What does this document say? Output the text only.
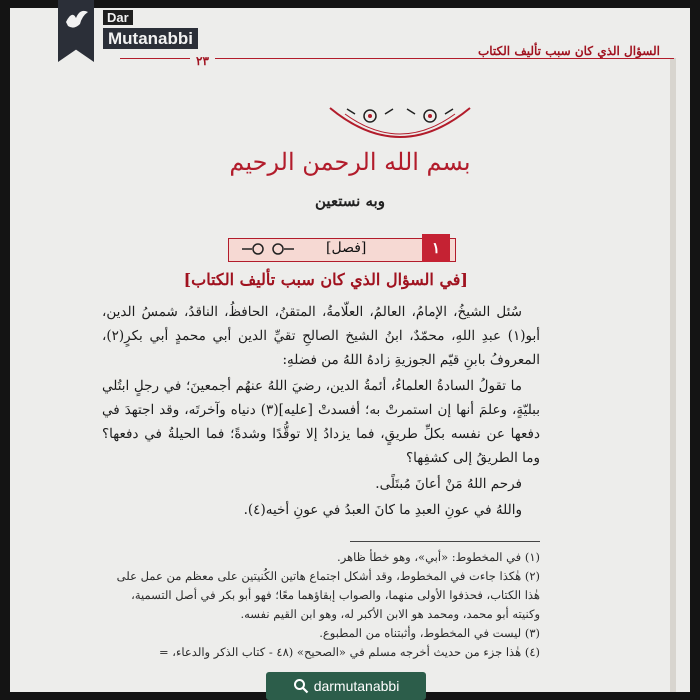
السؤال الذي كان سبب تأليف الكتاب
٢٣
بسم الله الرحمن الرحيم
وبه نستعين
[فصل]	١
[في السؤال الذي كان سبب تأليف الكتاب]

سُئل الشيخُ، الإمامُ، العالمُ، العلّامةُ، المتقنُ، الحافظُ، الناقدُ، شمسُ الدين، أبو(١) عبدِ اللهِ، محمّدٌ، ابنُ الشيخ الصالحِ تقيِّ الدين أبي محمدٍ أبي بكرٍ(٢)، المعروفُ بابنِ قيّم الجوزيةِ زادهُ اللهُ من فضلهِ:

ما تقولُ السادةُ العلماءُ، أئمةُ الدين، رضيَ اللهُ عنهُم أجمعينَ؛ في رجلٍ ابتُلي ببليّةٍ، وعلمَ أنها إن استمرتْ به؛ أفسدتْ [عليه](٣) دنياه وآخرتَه، وقد اجتهدَ في دفعها عن نفسه بكلِّ طريقٍ، فما يزدادُ إلا توقُّدًا وشدةً؛ فما الحيلةُ في دفعها؟ وما الطريقُ إلى كشفِها؟

فرحم اللهُ مَنْ أعانَ مُبتَلًى.

واللهُ في عونِ العبدِ ما كانَ العبدُ في عونِ أخيه(٤).

(١) في المخطوط: «أبي»، وهو خطأ ظاهر.

(٢) هٰكذا جاءت في المخطوط، وقد أشكل اجتماع هاتين الكُنيتين على معظم من عمل على هٰذا الكتاب، فحذفوا الأولى منهما، والصواب إبقاؤهما معًا؛ فهو أبو بكر في أصل التسمية، وكنيته أبو محمد، ومحمد هو الابن الأكبر له، وهو ابن القيم نفسه.

(٣) ليست في المخطوط، وأثبتناه من المطبوع.

(٤) هٰذا جزء من حديث أخرجه مسلم في «الصحيح» (٤٨ - كتاب الذكر والدعاء، =

Dar
Mutanabbi
darmutanabbi
